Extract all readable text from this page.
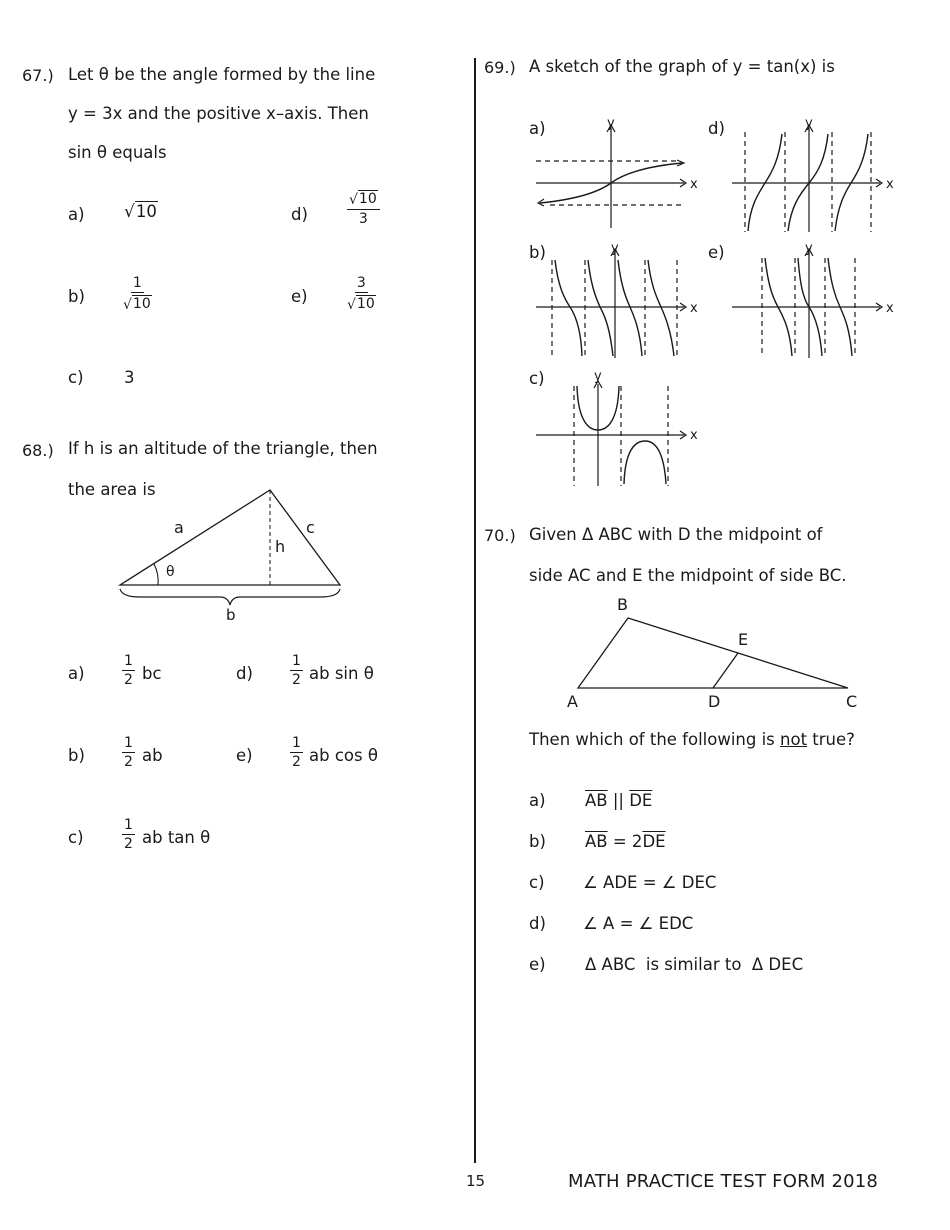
67.) Let θ be the angle formed by the line
y = 3x and the positive x–axis. Then
sin θ equals
a) √ 10	d)	$\frac{√ 10}{3}$
b)	$\frac{1}{√ 10}$	e)	$\frac{3}{√ 10}$
c) 3
68.) If h is an altitude of the triangle, then
the area is
a	c
h
θ
b
a)	$\frac{1}{2}$ bc	d)	$\frac{1}{2}$ ab sin θ
b)	$\frac{1}{2}$ ab	e)	$\frac{1}{2}$ ab cos θ
c)	$\frac{1}{2}$ ab tan θ
69.) A sketch of the graph of y = tan(x) is
a)
x
y	d)
x
y
b)
x
y	e)
x
y
c)
x
y
70.) Given Δ ABC with D the midpoint of
side AC and E the midpoint of side BC.
B
E
A	D	C
Then which of the following is not true?
a) $\overline{AB}$ || $\overline{DE}$
b) $\overline{AB} = 2\overline{DE}$
c) ∠ ADE = ∠ DEC
d) ∠ A = ∠ EDC
e) Δ ABC  is similar to  Δ DEC
15	MATH PRACTICE TEST FORM 2018
